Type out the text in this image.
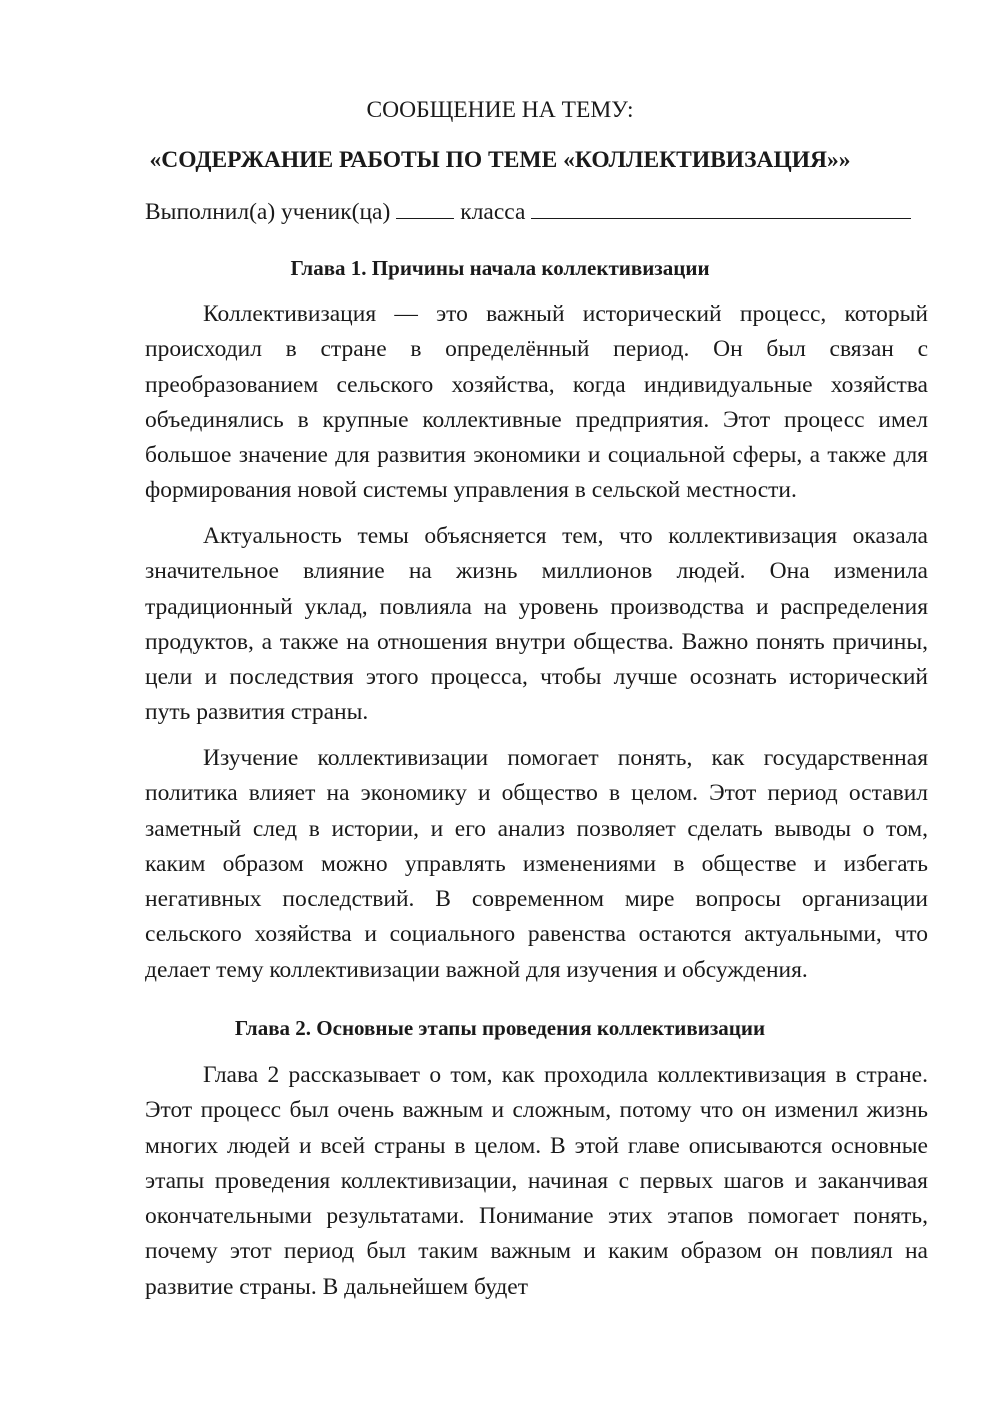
СООБЩЕНИЕ НА ТЕМУ:
«СОДЕРЖАНИЕ РАБОТЫ ПО ТЕМЕ «КОЛЛЕКТИВИЗАЦИЯ»»
Выполнил(а) ученик(ца)	класса
Глава 1. Причины начала коллективизации

Коллективизация — это важный исторический процесс, который происходил в стране в определённый период. Он был связан с преобразованием сельского хозяйства, когда индивидуальные хозяйства объединялись в крупные коллективные предприятия. Этот процесс имел большое значение для развития экономики и социальной сферы, а также для формирования новой системы управления в сельской местности.

Актуальность темы объясняется тем, что коллективизация оказала значительное влияние на жизнь миллионов людей. Она изменила традиционный уклад, повлияла на уровень производства и распределения продуктов, а также на отношения внутри общества. Важно понять причины, цели и последствия этого процесса, чтобы лучше осознать исторический путь развития страны.

Изучение коллективизации помогает понять, как государственная политика влияет на экономику и общество в целом. Этот период оставил заметный след в истории, и его анализ позволяет сделать выводы о том, каким образом можно управлять изменениями в обществе и избегать негативных последствий. В современном мире вопросы организации сельского хозяйства и социального равенства остаются актуальными, что делает тему коллективизации важной для изучения и обсуждения.

Глава 2. Основные этапы проведения коллективизации

Глава 2 рассказывает о том, как проходила коллективизация в стране. Этот процесс был очень важным и сложным, потому что он изменил жизнь многих людей и всей страны в целом. В этой главе описываются основные этапы проведения коллективизации, начиная с первых шагов и заканчивая окончательными результатами. Понимание этих этапов помогает понять, почему этот период был таким важным и каким образом он повлиял на развитие страны. В дальнейшем будет
